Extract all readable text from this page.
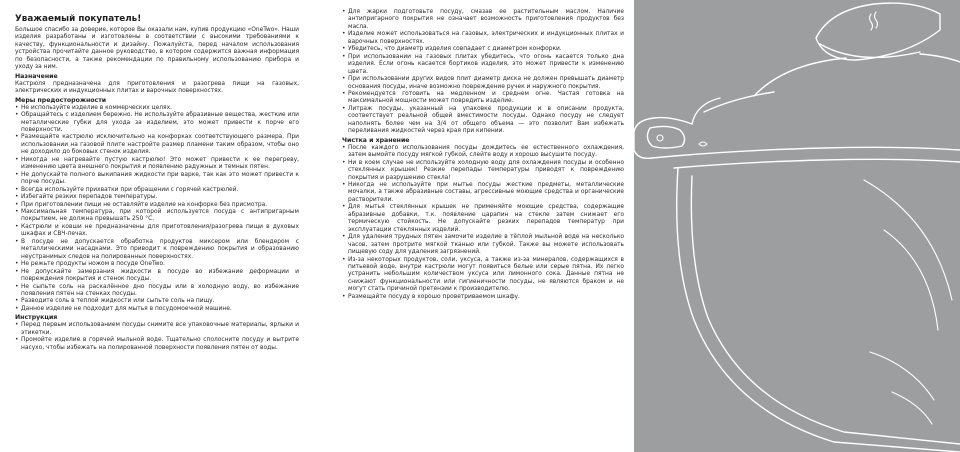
Уважаемый покупатель!

Большое спасибо за доверие, которое Вы оказали нам, купив продукцию «OneTwo». Наши изделия разработаны и изготовлены в соответствии с высокими требованиями к качеству, функциональности и дизайну. Пожалуйста, перед началом использования устройства прочитайте данное руководство, в котором содержится важная информация по безопасности, а также рекомендации по правильному использованию прибора и уходу за ним.

Назначение

Кастрюля предназначена для приготовления и разогрева пищи на газовых, электрических и индукционных плитах и варочных поверхностях.

Меры предосторожности
• Не используйте изделие в коммерческих целях.
• Обращайтесь с изделием бережно. Не используйте абразивные вещества, жесткие или металлические губки для ухода за изделием, это может привести к порче его поверхности.
• Размещайте кастрюлю исключительно на конфорках соответствующего размера. При использовании на газовой плите настройте размер пламени таким образом, чтобы оно не доходило до боковых стенок изделия.
• Никогда не нагревайте пустую кастрюлю! Это может привести к ее перегреву, изменению цвета внешнего покрытия и появлению радужных и темных пятен.
• Не допускайте полного выкипания жидкости при варке, так как это может привести к порче посуды.
• Всегда используйте прихватки при обращении с горячей кастрюлей.
• Избегайте резких перепадов температуры.
• При приготовлении пищи не оставляйте изделие на конфорке без присмотра.
• Максимальная температура, при которой используется посуда с антипригарным покрытием, не должна превышать 250 °С.
• Кастрюли и ковши не предназначены для приготовления/разогрева пищи в духовых шкафах и СВЧ-печах.
• В посуде не допускается обработка продуктов миксером или блендером с металлическими насадками. Это приводит к повреждению покрытия и образованию неустранимых следов на полированных поверхностях.
• Не режьте продукты ножом в посуде OneTwo.
• Не допускайте замерзания жидкости в посуде во избежание деформации и повреждения покрытия и стенок посуды.
• Не сыпьте соль на раскалённое дно посуды или в холодную воду, во избежание появления пятен на стенках посуды.
• Разводите соль в теплой жидкости или сыпьте соль на пищу.
• Данное изделие не подходит для мытья в посудомоечной машине.
Инструкция
• Перед первым использованием посуды снимите все упаковочные материалы, ярлыки и этикетки.
• Промойте изделие в горячей мыльной воде. Тщательно сполосните посуду и вытрите насухо, чтобы избежать на полированной поверхности появления пятен от воды.
• Для жарки подготовьте посуду, смазав ее растительным маслом. Наличие антипригарного покрытия не означает возможность приготовления продуктов без масла.
• Изделие может использоваться на газовых, электрических и индукционных плитах и варочных поверхностях.
• Убедитесь, что диаметр изделия совпадает с диаметром конфорки.
• При использовании на газовых плитах убедитесь, что огонь касается только дна изделия. Если огонь касается бортиков изделия, это может привести к изменению цвета.
• При использовании других видов плит диаметр диска не должен превышать диаметр основания посуды, иначе возможно повреждение ручек и наружного покрытия.
• Рекомендуется готовить на медленном и среднем огне. Частая готовка на максимальной мощности может повредить изделие.
• Литраж посуды, указанный на упаковке продукции и в описании продукта, соответствует реальной общей вместимости посуды. Однако посуду не следует наполнять более чем на 3/4 от общего объема — это позволит Вам избежать переливания жидкостей через края при кипении.
Чистка и хранение
• После каждого использования посуды дождитесь ее естественного охлаждения, затем вымойте посуду мягкой губкой, слейте воду и хорошо высушите посуду.
• Ни в коем случае не используйте холодную воду для охлаждения посуды и особенно стеклянных крышек! Резкие перепады температуры приводят к повреждению покрытия и разрушению стекла!
• Никогда не используйте при мытье посуды жесткие предметы, металлические мочалки, а также абразивные составы, агрессивные моющие средства и органические растворители.
• Для мытья стеклянных крышек не применяйте моющие средства, содержащие абразивные добавки, т.к. появление царапин на стекле затем снижает его термическую стойкость. Не допускайте резких перепадов температур при эксплуатации стеклянных изделий.
• Для удаления трудных пятен замочите изделие в тёплой мыльной воде на несколько часов, затем протрите мягкой тканью или губкой. Также вы можете использовать пищевую соду для удаления загрязнений.
• Из-за некоторых продуктов, соли, уксуса, а также из-за минералов, содержащихся в питьевой воде, внутри кастрюли могут появиться белые или серые пятна. Их легко устранить небольшим количеством уксуса или лимонного сока. Данные пятна не снижают функциональности или гигиеничности посуды, не являются браком и не могут стать причиной претензии к производителю.
• Размещайте посуду в хорошо проветриваемом шкафу.
